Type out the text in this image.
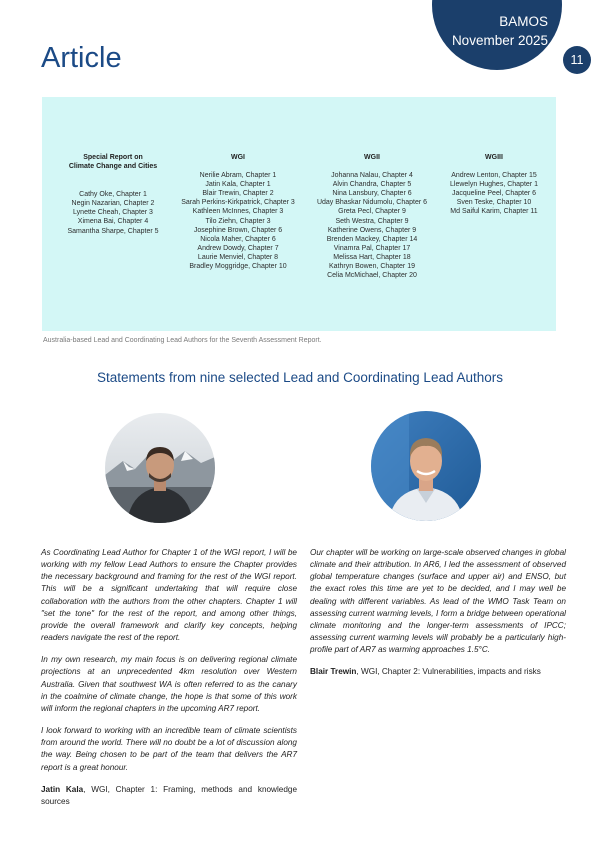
BAMOS
November 2025
11
Article
Special Report on
Climate Change and Cities
Cathy Oke, Chapter 1
Negin Nazarian, Chapter 2
Lynette Cheah, Chapter 3
Ximena Bai, Chapter 4
Samantha Sharpe, Chapter 5
WGI
Nerilie Abram, Chapter 1
Jatin Kala, Chapter 1
Blair Trewin, Chapter 2
Sarah Perkins-Kirkpatrick, Chapter 3
Kathleen McInnes, Chapter 3
Tilo Ziehn, Chapter 3
Josephine Brown, Chapter 6
Nicola Maher, Chapter 6
Andrew Dowdy, Chapter 7
Laurie Menviel, Chapter 8
Bradley Moggridge, Chapter 10
WGII
Johanna Nalau, Chapter 4
Alvin Chandra, Chapter 5
Nina Lansbury, Chapter 6
Uday Bhaskar Nidumolu, Chapter 6
Greta Pecl, Chapter 9
Seth Westra, Chapter 9
Katherine Owens, Chapter 9
Brenden Mackey, Chapter 14
Vinamra Pal, Chapter 17
Melissa Hart, Chapter 18
Kathryn Bowen, Chapter 19
Celia McMichael, Chapter 20
WGIII
Andrew Lenton, Chapter 15
Llewelyn Hughes, Chapter 1
Jacqueline Peel, Chapter 6
Sven Teske, Chapter 10
Md Saiful Karim, Chapter 11
Australia-based Lead and Coordinating Lead Authors for the Seventh Assessment Report.
Statements from nine selected Lead and Coordinating Lead Authors

As Coordinating Lead Author for Chapter 1 of the WGI report, I will be working with my fellow Lead Authors to ensure the Chapter provides the necessary background and framing for the rest of the WGI report. This will be a significant undertaking that will require close collaboration with the authors from the other chapters. Chapter 1 will "set the tone" for the rest of the report, and among other things, provide the overall framework and clarify key concepts, helping readers navigate the rest of the report.

In my own research, my main focus is on delivering regional climate projections at an unprecedented 4km resolution over Western Australia. Given that southwest WA is often referred to as the canary in the coalmine of climate change, the hope is that some of this work will inform the regional chapters in the upcoming AR7 report.

I look forward to working with an incredible team of climate scientists from around the world. There will no doubt be a lot of discussion along the way. Being chosen to be part of the team that delivers the AR7 report is a great honour.

Jatin Kala, WGI, Chapter 1: Framing, methods and knowledge sources

Our chapter will be working on large-scale observed changes in global climate and their attribution. In AR6, I led the assessment of observed global temperature changes (surface and upper air) and ENSO, but the exact roles this time are yet to be decided, and I may well be dealing with different variables. As lead of the WMO Task Team on assessing current warming levels, I form a bridge between operational climate monitoring and the longer-term assessments of IPCC; assessing current warming levels will probably be a particularly high-profile part of AR7 as warming approaches 1.5°C.

Blair Trewin, WGI, Chapter 2: Vulnerabilities, impacts and risks
